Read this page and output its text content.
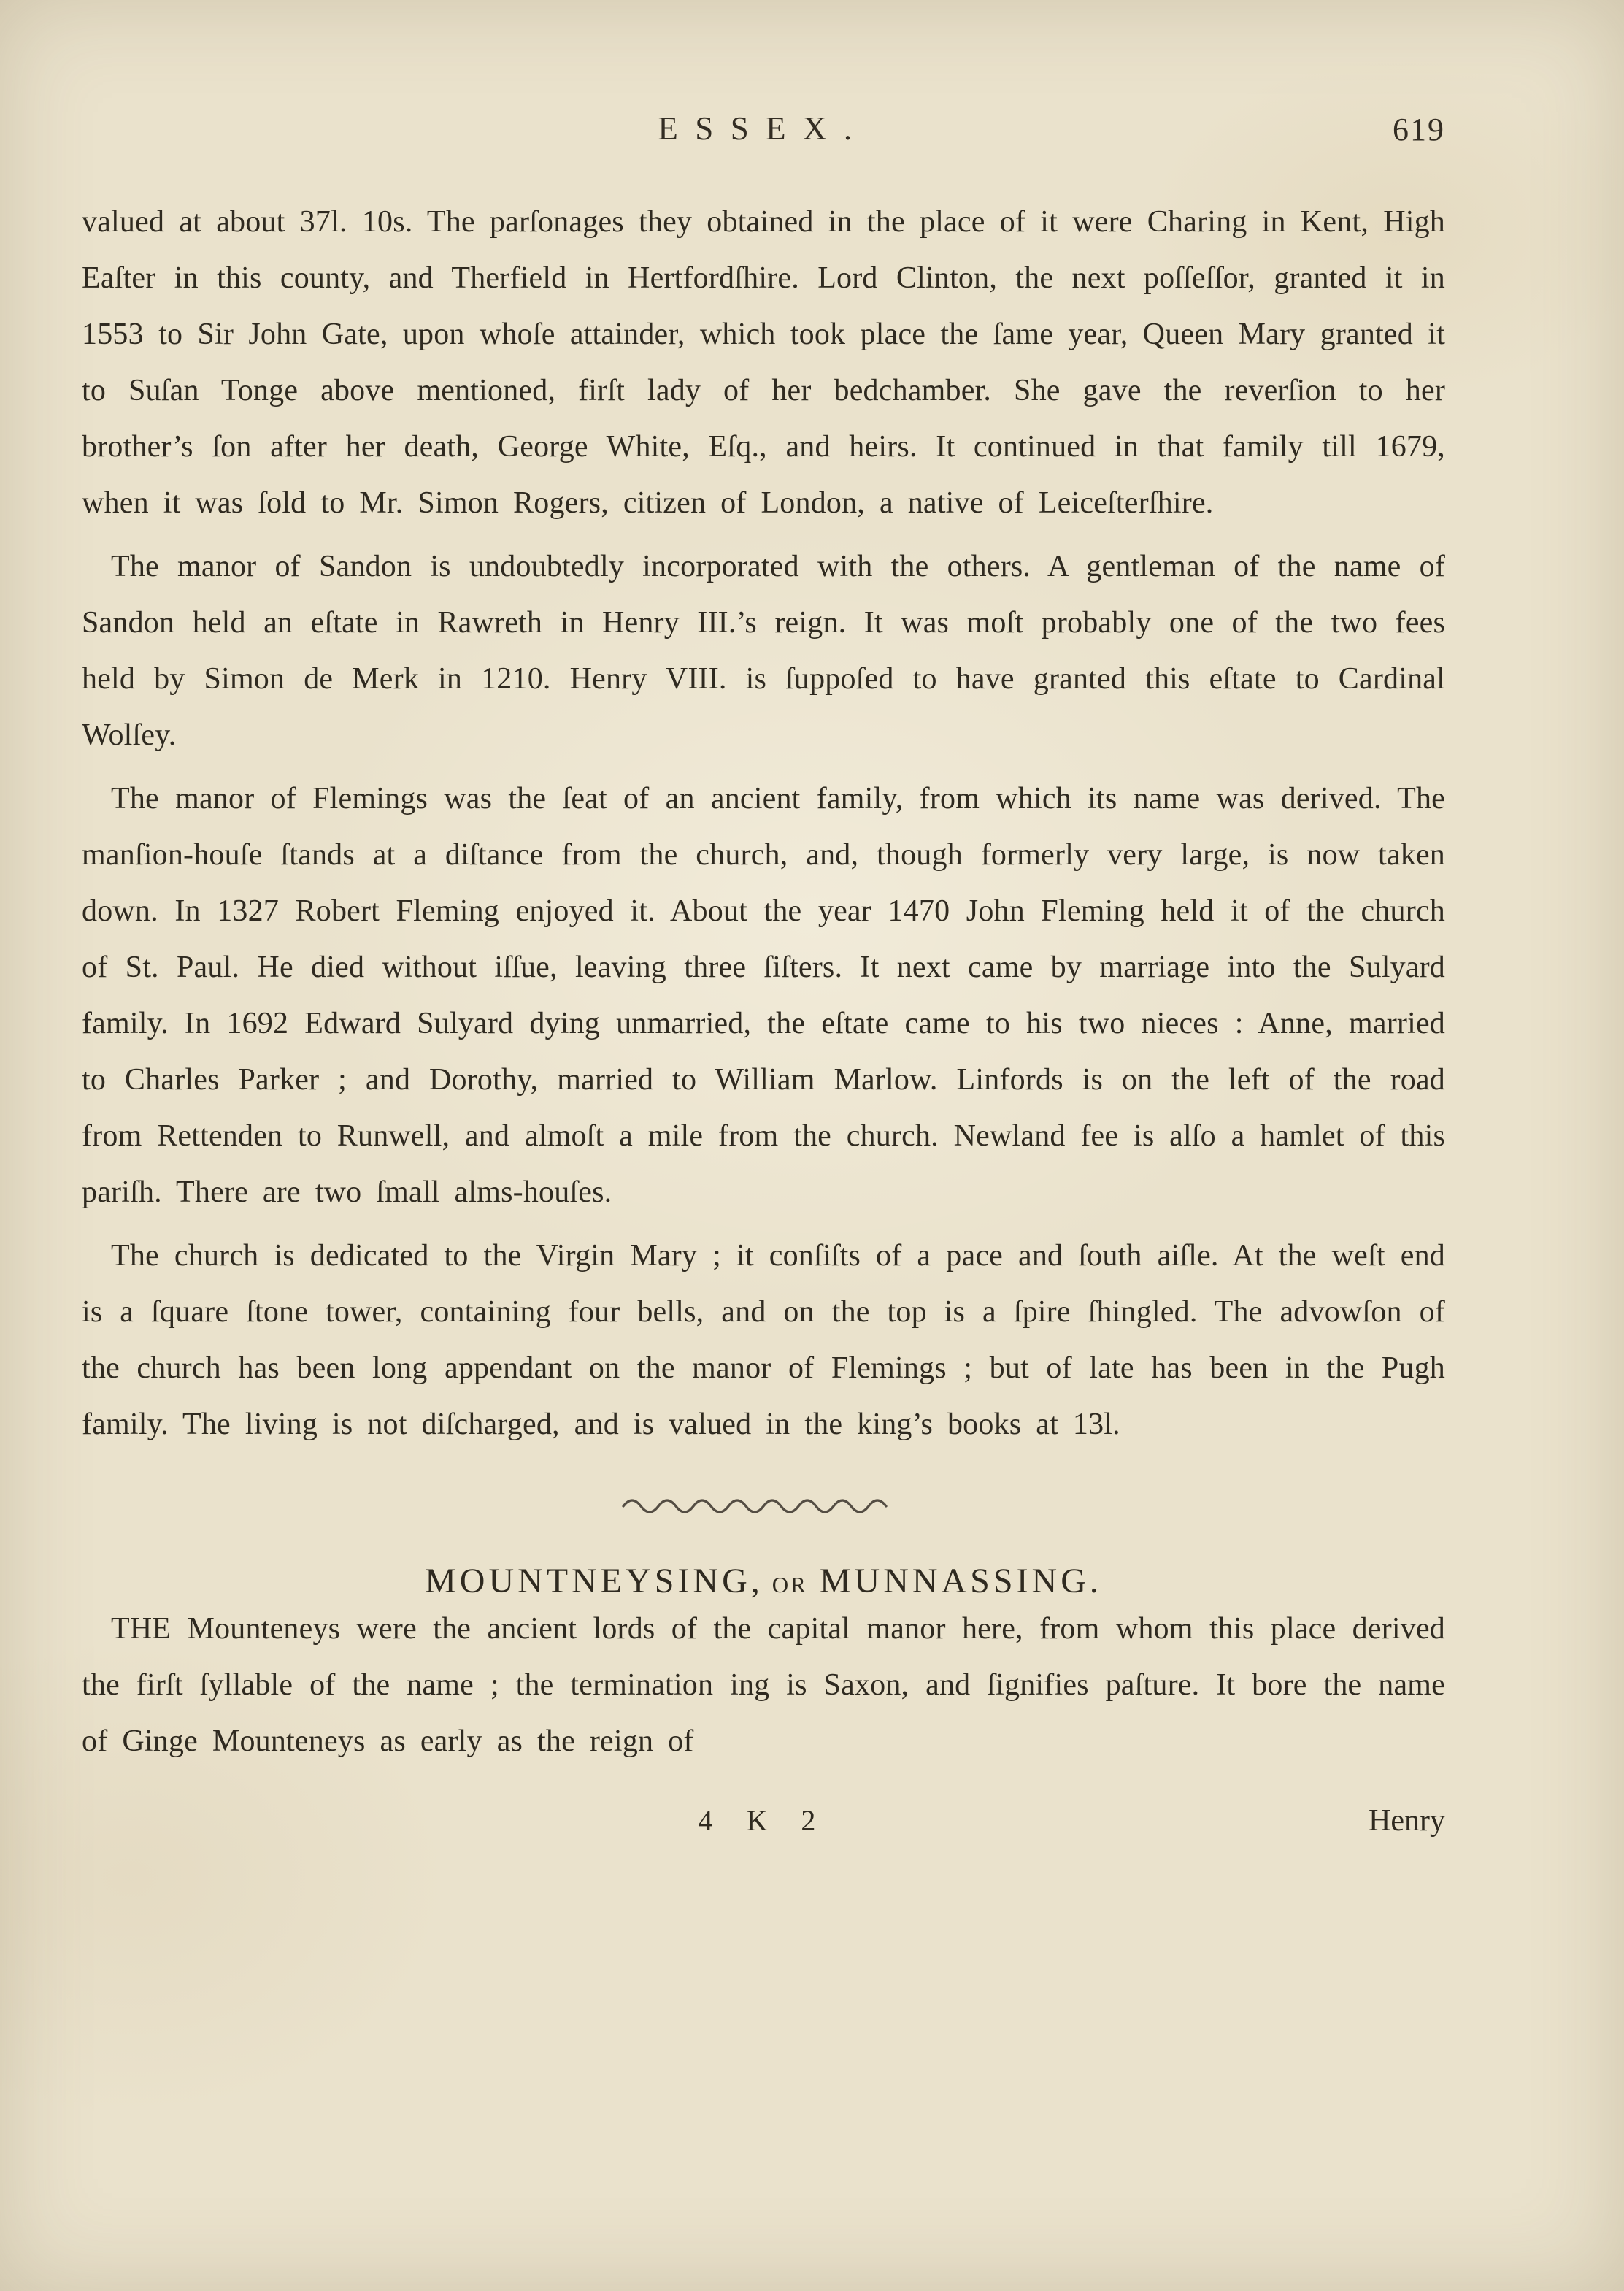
ESSEX.	619

valued at about 37l. 10s. The parſonages they obtained in the place of it were Charing in Kent, High Eaſter in this county, and Therfield in Hertfordſhire. Lord Clinton, the next poſſeſſor, granted it in 1553 to Sir John Gate, upon whoſe attainder, which took place the ſame year, Queen Mary granted it to Suſan Tonge above mentioned, firſt lady of her bedchamber. She gave the reverſion to her brother’s ſon after her death, George White, Eſq., and heirs. It continued in that family till 1679, when it was ſold to Mr. Simon Rogers, citizen of London, a native of Leiceſterſhire.

The manor of Sandon is undoubtedly incorporated with the others. A gentleman of the name of Sandon held an eſtate in Rawreth in Henry III.’s reign. It was moſt probably one of the two fees held by Simon de Merk in 1210. Henry VIII. is ſuppoſed to have granted this eſtate to Cardinal Wolſey.

The manor of Flemings was the ſeat of an ancient family, from which its name was derived. The manſion-houſe ſtands at a diſtance from the church, and, though formerly very large, is now taken down. In 1327 Robert Fleming enjoyed it. About the year 1470 John Fleming held it of the church of St. Paul. He died without iſſue, leaving three ſiſters. It next came by marriage into the Sulyard family. In 1692 Edward Sulyard dying unmarried, the eſtate came to his two nieces : Anne, married to Charles Parker ; and Dorothy, married to William Marlow. Linfords is on the left of the road from Rettenden to Runwell, and almoſt a mile from the church. Newland fee is alſo a hamlet of this pariſh. There are two ſmall alms-houſes.

The church is dedicated to the Virgin Mary ; it conſiſts of a pace and ſouth aiſle. At the weſt end is a ſquare ſtone tower, containing four bells, and on the top is a ſpire ſhingled. The advowſon of the church has been long appendant on the manor of Flemings ; but of late has been in the Pugh family. The living is not diſcharged, and is valued in the king’s books at 13l.

MOUNTNEYSING, OR MUNNASSING.

THE Mounteneys were the ancient lords of the capital manor here, from whom this place derived the firſt ſyllable of the name ; the termination ing is Saxon, and ſignifies paſture. It bore the name of Ginge Mounteneys as early as the reign of

4 K 2	Henry
